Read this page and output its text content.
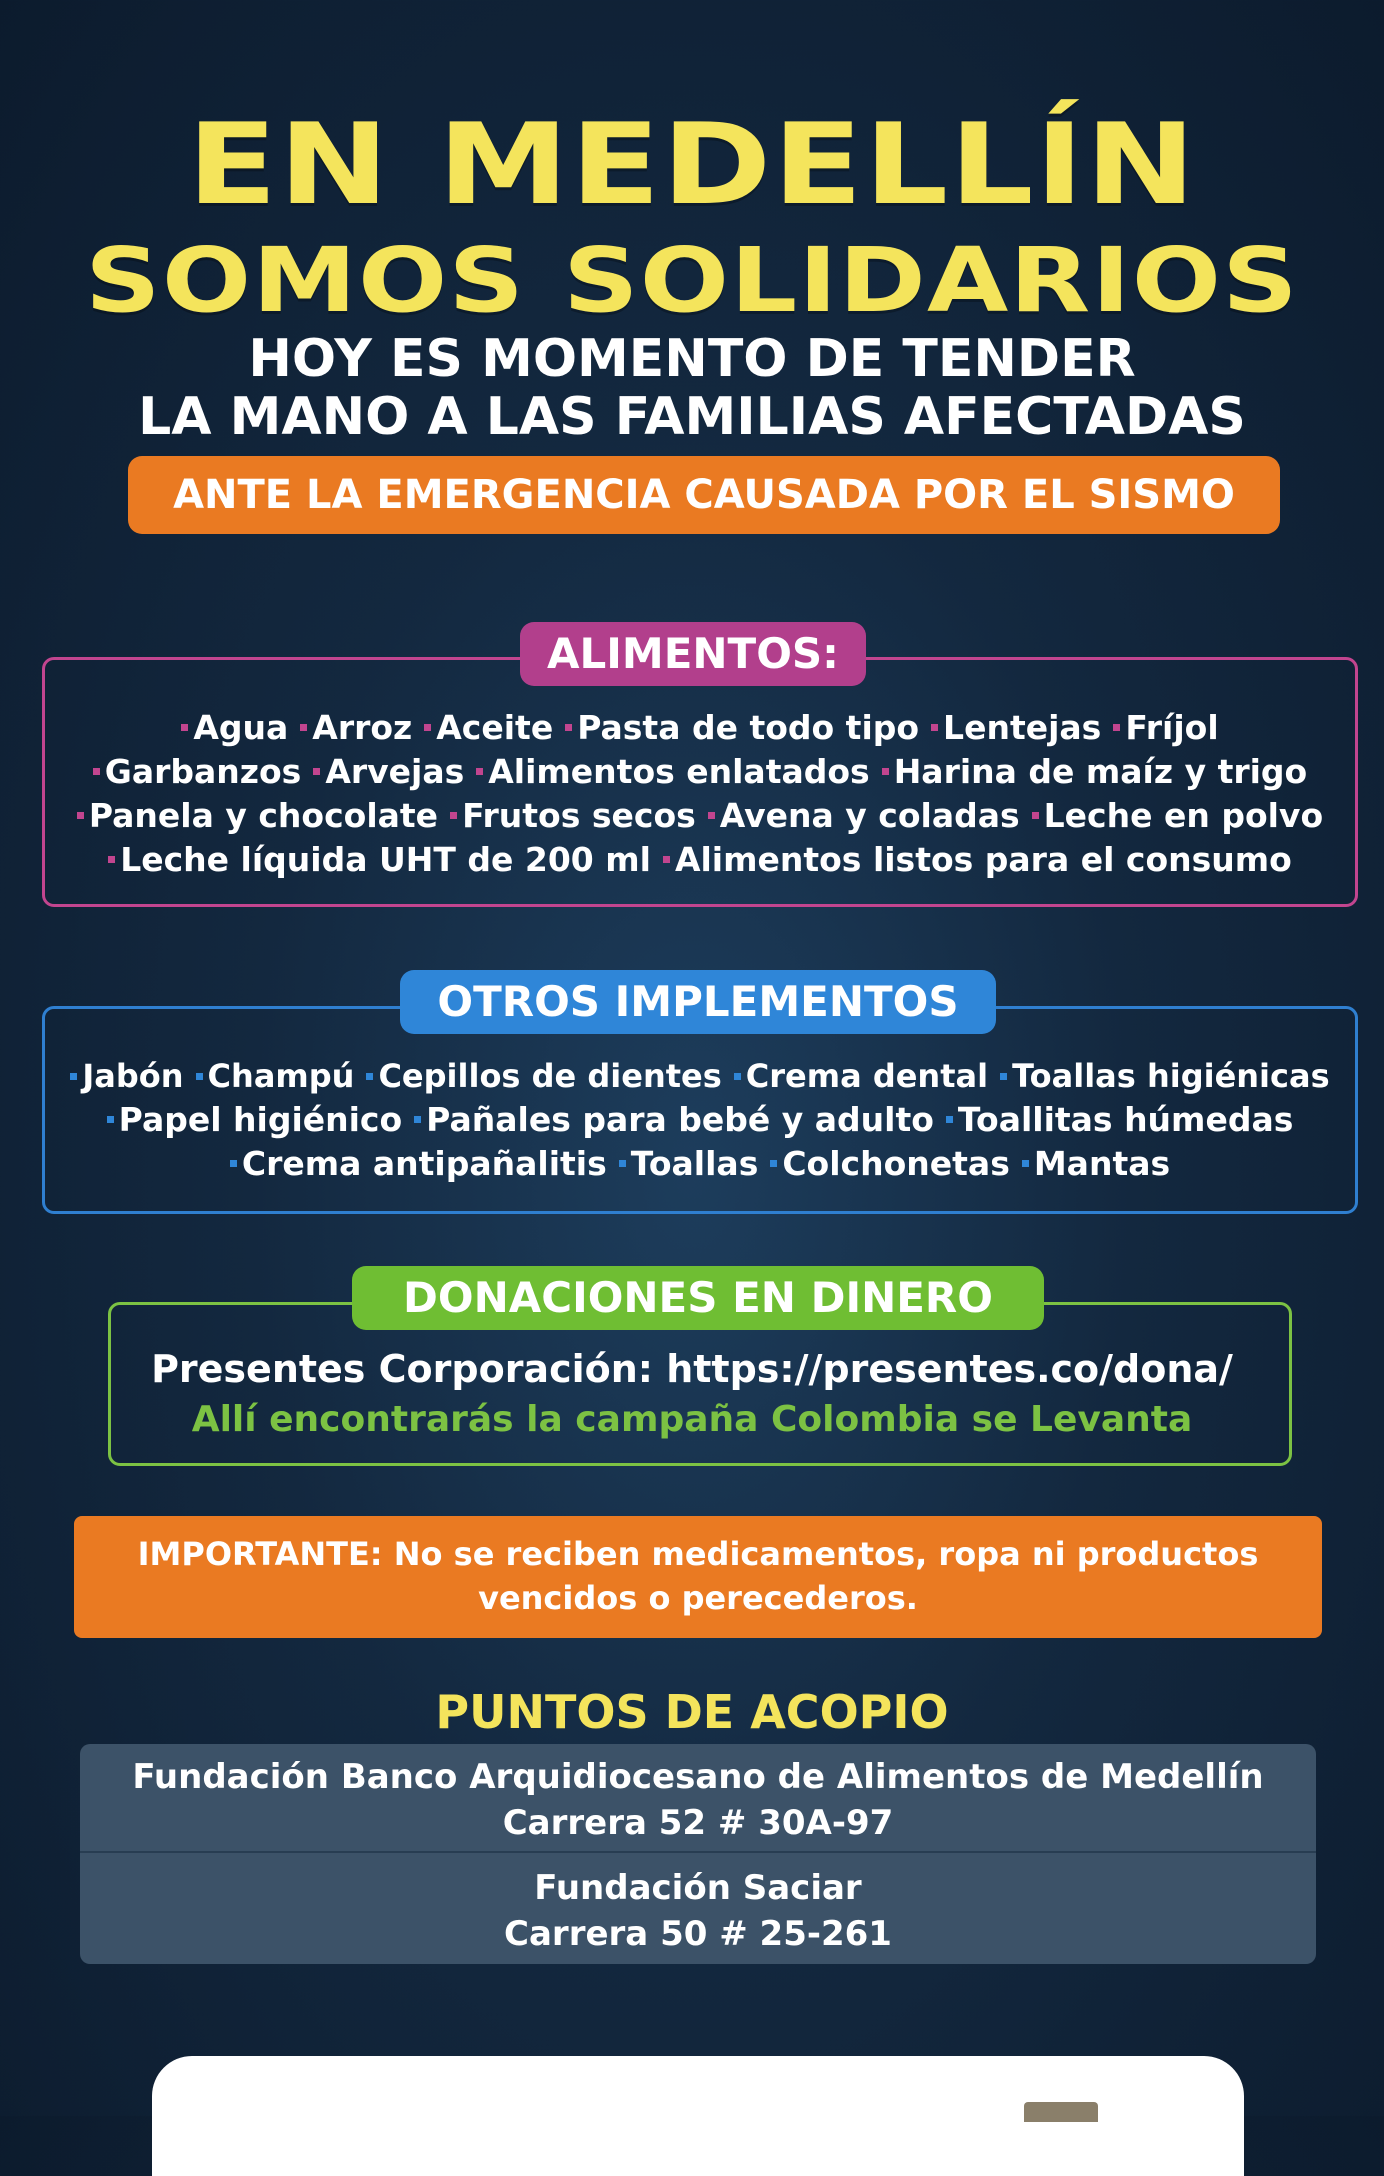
EN MEDELLÍN
SOMOS SOLIDARIOS
HOY ES MOMENTO DE TENDER
LA MANO A LAS FAMILIAS AFECTADAS
ANTE LA EMERGENCIA CAUSADA POR EL SISMO
ALIMENTOS:
Agua Arroz Aceite Pasta de todo tipo Lentejas Fríjol
Garbanzos Arvejas Alimentos enlatados Harina de maíz y trigo
Panela y chocolate Frutos secos Avena y coladas Leche en polvo
Leche líquida UHT de 200 ml Alimentos listos para el consumo
OTROS IMPLEMENTOS
Jabón Champú Cepillos de dientes Crema dental Toallas higiénicas
Papel higiénico Pañales para bebé y adulto Toallitas húmedas
Crema antipañalitis Toallas Colchonetas Mantas
DONACIONES EN DINERO
Presentes Corporación: https://presentes.co/dona/
Allí encontrarás la campaña Colombia se Levanta
IMPORTANTE: No se reciben medicamentos, ropa ni productos
vencidos o perecederos.
PUNTOS DE ACOPIO
Fundación Banco Arquidiocesano de Alimentos de Medellín
Carrera 52 # 30A-97
Fundación Saciar
Carrera 50 # 25-261
